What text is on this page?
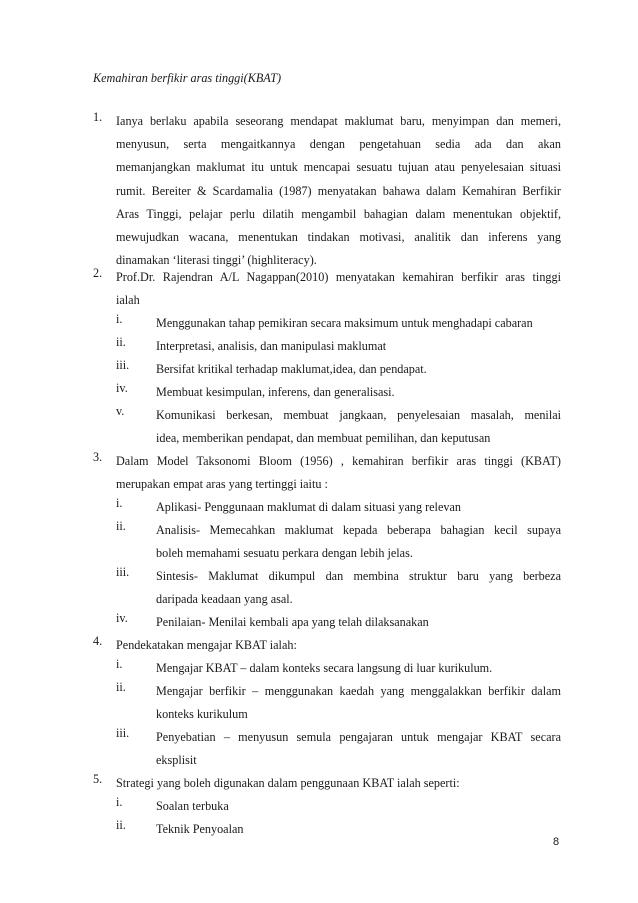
Kemahiran berfikir aras tinggi(KBAT)
1. Ianya berlaku apabila seseorang mendapat maklumat baru, menyimpan dan memeri,
menyusun, serta mengaitkannya dengan pengetahuan sedia ada dan akan
memanjangkan maklumat itu untuk mencapai sesuatu tujuan atau penyelesaian situasi
rumit. Bereiter & Scardamalia (1987) menyatakan bahawa dalam Kemahiran Berfikir
Aras Tinggi, pelajar perlu dilatih mengambil bahagian dalam menentukan objektif,
mewujudkan wacana, menentukan tindakan motivasi, analitik dan inferens yang
dinamakan ‘literasi tinggi’ (highliteracy).
2. Prof.Dr. Rajendran A/L Nagappan(2010) menyatakan kemahiran berfikir aras tinggi
ialah
i.	Menggunakan tahap pemikiran secara maksimum untuk menghadapi cabaran
ii. Interpretasi, analisis, dan manipulasi maklumat
iii. Bersifat kritikal terhadap maklumat,idea, dan pendapat.
iv. Membuat kesimpulan, inferens, dan generalisasi.
v.	Komunikasi berkesan, membuat jangkaan, penyelesaian masalah, menilai
idea, memberikan pendapat, dan membuat pemilihan, dan keputusan
3. Dalam Model Taksonomi Bloom (1956) , kemahiran berfikir aras tinggi (KBAT)
merupakan empat aras yang tertinggi iaitu :
i.	Aplikasi- Penggunaan maklumat di dalam situasi yang relevan
ii. Analisis- Memecahkan maklumat kepada beberapa bahagian kecil supaya
boleh memahami sesuatu perkara dengan lebih jelas.
iii. Sintesis- Maklumat dikumpul dan membina struktur baru yang berbeza
daripada keadaan yang asal.
iv. Penilaian- Menilai kembali apa yang telah dilaksanakan
4. Pendekatakan mengajar KBAT ialah:
i.	Mengajar KBAT – dalam konteks secara langsung di luar kurikulum.
ii. Mengajar berfikir – menggunakan kaedah yang menggalakkan berfikir dalam
konteks kurikulum
iii. Penyebatian – menyusun semula pengajaran untuk mengajar KBAT secara
eksplisit
5. Strategi yang boleh digunakan dalam penggunaan KBAT ialah seperti:
i.	Soalan terbuka
ii. Teknik Penyoalan
8
